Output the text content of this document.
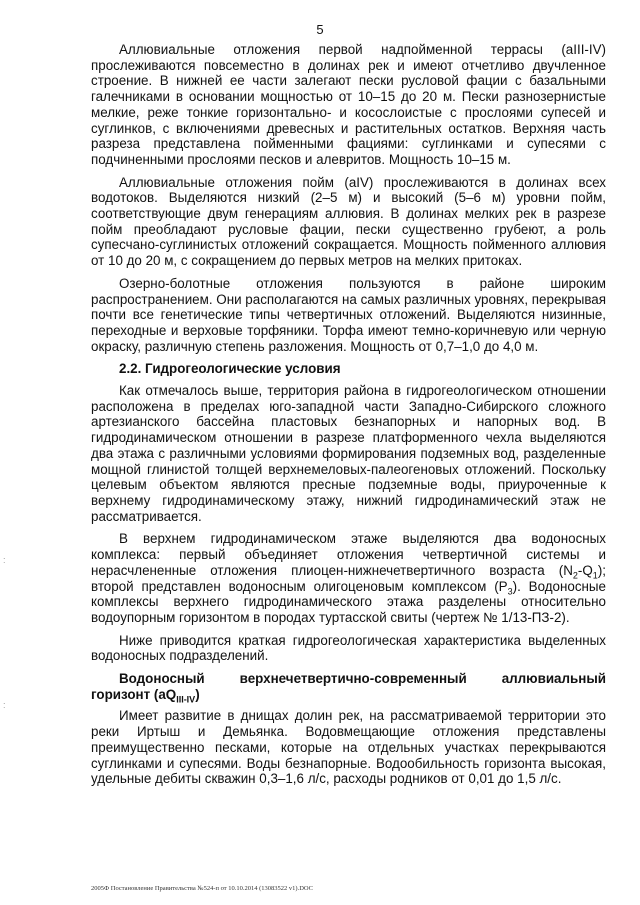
5

Аллювиальные отложения первой надпойменной террасы (aIII-IV) прослеживаются повсеместно в долинах рек и имеют отчетливо двучленное строение. В нижней ее части залегают пески русловой фации с базальными галечниками в основании мощностью от 10–15 до 20 м. Пески разнозернистые мелкие, реже тонкие горизонтально- и косослоистые с прослоями супесей и суглинков, с включениями древесных и растительных остатков. Верхняя часть разреза представлена пойменными фациями: суглинками и супесями с подчиненными прослоями песков и алевритов. Мощность 10–15 м.

Аллювиальные отложения пойм (aIV) прослеживаются в долинах всех водотоков. Выделяются низкий (2–5 м) и высокий (5–6 м) уровни пойм, соответствующие двум генерациям аллювия. В долинах мелких рек в разрезе пойм преобладают русловые фации, пески существенно грубеют, а роль супесчано-суглинистых отложений сокращается. Мощность пойменного аллювия от 10 до 20 м, с сокращением до первых метров на мелких притоках.

Озерно-болотные отложения пользуются в районе широким распространением. Они располагаются на самых различных уровнях, перекрывая почти все генетические типы четвертичных отложений. Выделяются низинные, переходные и верховые торфяники. Торфа имеют темно-коричневую или черную окраску, различную степень разложения. Мощность от 0,7–1,0 до 4,0 м.

2.2. Гидрогеологические условия

Как отмечалось выше, территория района в гидрогеологическом отношении расположена в пределах юго-западной части Западно-Сибирского сложного артезианского бассейна пластовых безнапорных и напорных вод. В гидродинамическом отношении в разрезе платформенного чехла выделяются два этажа с различными условиями формирования подземных вод, разделенные мощной глинистой толщей верхнемеловых-палеогеновых отложений. Поскольку целевым объектом являются пресные подземные воды, приуроченные к верхнему гидродинамическому этажу, нижний гидродинамический этаж не рассматривается.

В верхнем гидродинамическом этаже выделяются два водоносных комплекса: первый объединяет отложения четвертичной системы и нерасчлененные отложения плиоцен-нижнечетвертичного возраста $(N_2-Q_1)$; второй представлен водоносным олигоценовым комплексом $(P_3)$. Водоносные комплексы верхнего гидродинамического этажа разделены относительно водоупорным горизонтом в породах туртасской свиты (чертеж № 1/13-ПЗ-2).

Ниже приводится краткая гидрогеологическая характеристика выделенных водоносных подразделений.

Водоносный верхнечетвертично-современный аллювиальный горизонт $(aQ_{III-IV})$

Имеет развитие в днищах долин рек, на рассматриваемой территории это реки Иртыш и Демьянка. Водовмещающие отложения представлены преимущественно песками, которые на отдельных участках перекрываются суглинками и супесями. Воды безнапорные. Водообильность горизонта высокая, удельные дебиты скважин 0,3–1,6 л/с, расходы родников от 0,01 до 1,5 л/с.

2005Ф Постановление Правительства №524-п от 10.10.2014 (13083522 v1).DOC
:
:
